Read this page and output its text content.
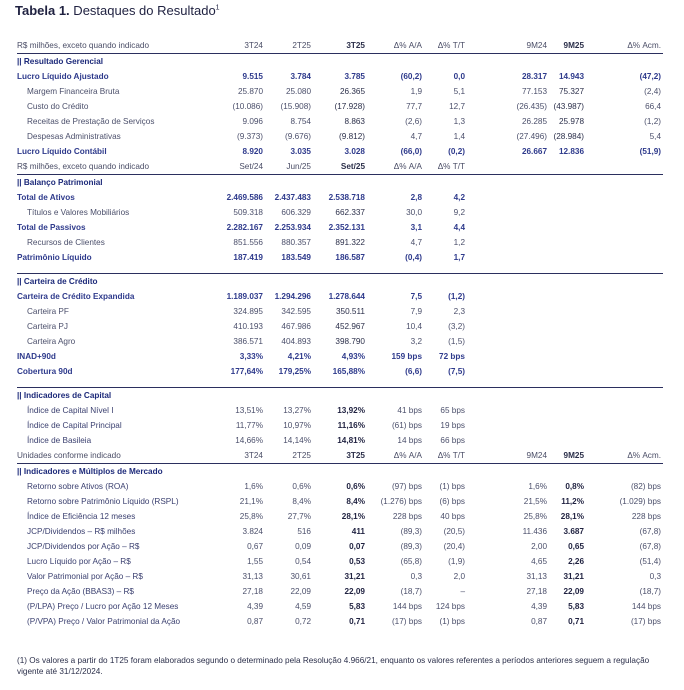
Tabela 1. Destaques do Resultado$^1$
R$ milhões, exceto quando indicado	3T24	2T25	3T25	Δ% A/A	Δ% T/T		9M24	9M25	Δ% Acm.
|| Resultado Gerencial									
Lucro Líquido Ajustado	9.515	3.784	3.785	(60,2)	0,0		28.317	14.943	(47,2)
Margem Financeira Bruta	25.870	25.080	26.365	1,9	5,1		77.153	75.327	(2,4)
Custo do Crédito	(10.086)	(15.908)	(17.928)	77,7	12,7		(26.435)	(43.987)	66,4
Receitas de Prestação de Serviços	9.096	8.754	8.863	(2,6)	1,3		26.285	25.978	(1,2)
Despesas Administrativas	(9.373)	(9.676)	(9.812)	4,7	1,4		(27.496)	(28.984)	5,4
Lucro Líquido Contábil	8.920	3.035	3.028	(66,0)	(0,2)		26.667	12.836	(51,9)
R$ milhões, exceto quando indicado	Set/24	Jun/25	Set/25	Δ% A/A	Δ% T/T				
|| Balanço Patrimonial									
Total de Ativos	2.469.586	2.437.483	2.538.718	2,8	4,2				
Títulos e Valores Mobiliários	509.318	606.329	662.337	30,0	9,2				
Total de Passivos	2.282.167	2.253.934	2.352.131	3,1	4,4				
Recursos de Clientes	851.556	880.357	891.322	4,7	1,2				
Patrimônio Líquido	187.419	183.549	186.587	(0,4)	1,7				

|| Carteira de Crédito									
Carteira de Crédito Expandida	1.189.037	1.294.296	1.278.644	7,5	(1,2)				
Carteira PF	324.895	342.595	350.511	7,9	2,3				
Carteira PJ	410.193	467.986	452.967	10,4	(3,2)				
Carteira Agro	386.571	404.893	398.790	3,2	(1,5)				
INAD+90d	3,33%	4,21%	4,93%	159 bps	72 bps				
Cobertura 90d	177,64%	179,25%	165,88%	(6,6)	(7,5)				

|| Indicadores de Capital									
Índice de Capital Nível I	13,51%	13,27%	13,92%	41 bps	65 bps				
Índice de Capital Principal	11,77%	10,97%	11,16%	(61) bps	19 bps				
Índice de Basileia	14,66%	14,14%	14,81%	14 bps	66 bps				
Unidades conforme indicado	3T24	2T25	3T25	Δ% A/A	Δ% T/T		9M24	9M25	Δ% Acm.
|| Indicadores e Múltiplos de Mercado									
Retorno sobre Ativos (ROA)	1,6%	0,6%	0,6%	(97) bps	(1) bps		1,6%	0,8%	(82) bps
Retorno sobre Patrimônio Líquido (RSPL)	21,1%	8,4%	8,4%	(1.276) bps	(6) bps		21,5%	11,2%	(1.029) bps
Índice de Eficiência 12 meses	25,8%	27,7%	28,1%	228 bps	40 bps		25,8%	28,1%	228 bps
JCP/Dividendos – R$ milhões	3.824	516	411	(89,3)	(20,5)		11.436	3.687	(67,8)
JCP/Dividendos por Ação – R$	0,67	0,09	0,07	(89,3)	(20,4)		2,00	0,65	(67,8)
Lucro Líquido por Ação – R$	1,55	0,54	0,53	(65,8)	(1,9)		4,65	2,26	(51,4)
Valor Patrimonial por Ação – R$	31,13	30,61	31,21	0,3	2,0		31,13	31,21	0,3
Preço da Ação (BBAS3) – R$	27,18	22,09	22,09	(18,7)	–		27,18	22,09	(18,7)
(P/LPA) Preço / Lucro por Ação 12 Meses	4,39	4,59	5,83	144 bps	124 bps		4,39	5,83	144 bps
(P/VPA) Preço / Valor Patrimonial da Ação	0,87	0,72	0,71	(17) bps	(1) bps		0,87	0,71	(17) bps
(1) Os valores a partir do 1T25 foram elaborados segundo o determinado pela Resolução 4.966/21, enquanto os valores referentes a períodos anteriores seguem a regulação vigente até 31/12/2024.
